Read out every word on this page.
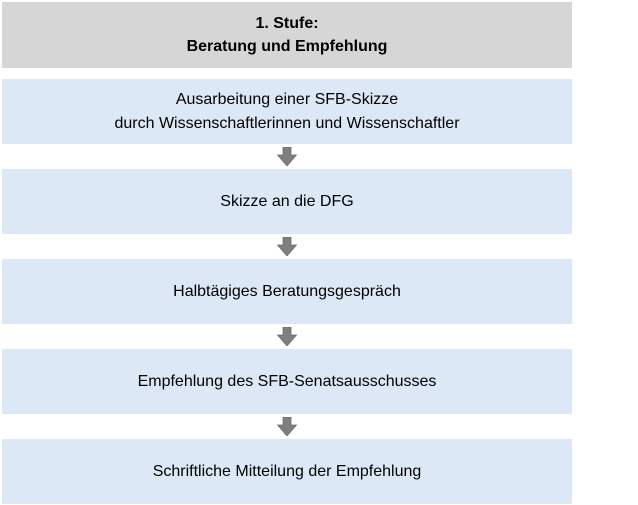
1. Stufe:
Beratung und Empfehlung
Ausarbeitung einer SFB-Skizze
durch Wissenschaftlerinnen und Wissenschaftler
Skizze an die DFG
Halbtägiges Beratungsgespräch
Empfehlung des SFB-Senatsausschusses
Schriftliche Mitteilung der Empfehlung
